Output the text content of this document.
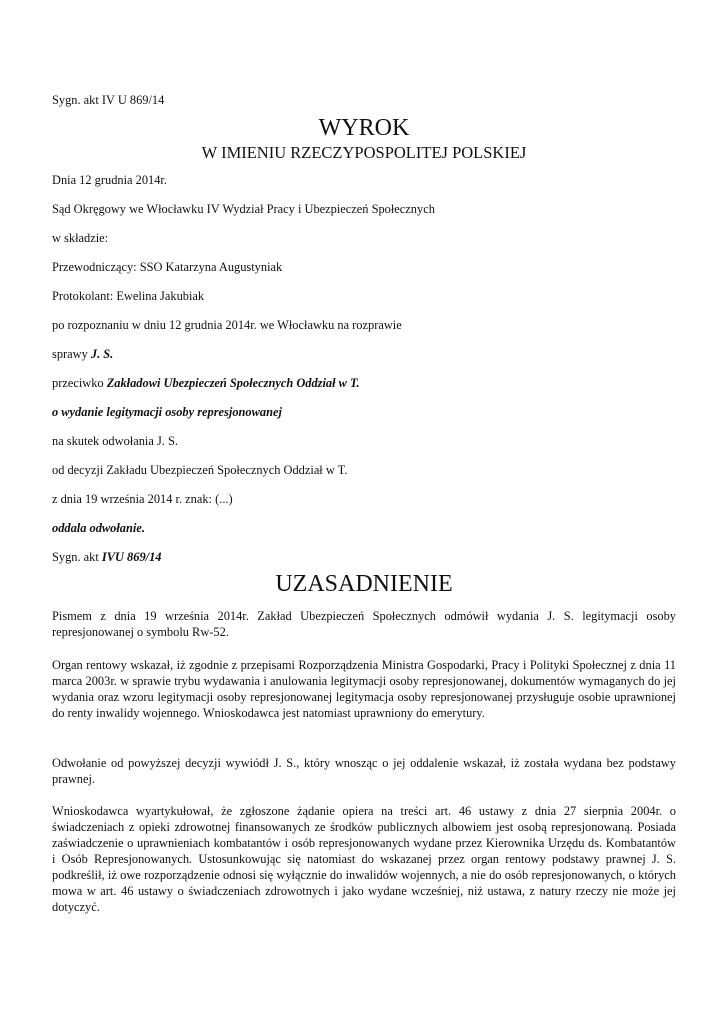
Sygn. akt IV U 869/14
WYROK
W IMIENIU RZECZYPOSPOLITEJ POLSKIEJ
Dnia 12 grudnia 2014r.
Sąd Okręgowy we Włocławku IV Wydział Pracy i Ubezpieczeń Społecznych
w składzie:
Przewodniczący: SSO Katarzyna Augustyniak
Protokolant: Ewelina Jakubiak
po rozpoznaniu w dniu 12 grudnia 2014r. we Włocławku na rozprawie
sprawy J. S.
przeciwko Zakładowi Ubezpieczeń Społecznych Oddział w T.
o wydanie legitymacji osoby represjonowanej
na skutek odwołania J. S.
od decyzji Zakładu Ubezpieczeń Społecznych Oddział w T.
z dnia 19 września 2014 r. znak: (...)
oddala odwołanie.
Sygn. akt IVU 869/14
UZASADNIENIE
Pismem z dnia 19 września 2014r. Zakład Ubezpieczeń Społecznych odmówił wydania J. S. legitymacji osoby represjonowanej o symbolu Rw-52.
Organ rentowy wskazał, iż zgodnie z przepisami Rozporządzenia Ministra Gospodarki, Pracy i Polityki Społecznej z dnia 11 marca 2003r. w sprawie trybu wydawania i anulowania legitymacji osoby represjonowanej, dokumentów wymaganych do jej wydania oraz wzoru legitymacji osoby represjonowanej legitymacja osoby represjonowanej przysługuje osobie uprawnionej do renty inwalidy wojennego. Wnioskodawca jest natomiast uprawniony do emerytury.
Odwołanie od powyższej decyzji wywiódł J. S., który wnosząc o jej oddalenie wskazał, iż została wydana bez podstawy prawnej.
Wnioskodawca wyartykułował, że zgłoszone żądanie opiera na treści art. 46 ustawy z dnia 27 sierpnia 2004r. o świadczeniach z opieki zdrowotnej finansowanych ze środków publicznych albowiem jest osobą represjonowaną. Posiada zaświadczenie o uprawnieniach kombatantów i osób represjonowanych wydane przez Kierownika Urzędu ds. Kombatantów i Osób Represjonowanych. Ustosunkowując się natomiast do wskazanej przez organ rentowy podstawy prawnej J. S. podkreślił, iż owe rozporządzenie odnosi się wyłącznie do inwalidów wojennych, a nie do osób represjonowanych, o których mowa w art. 46 ustawy o świadczeniach zdrowotnych i jako wydane wcześniej, niż ustawa, z natury rzeczy nie może jej dotyczyć.
